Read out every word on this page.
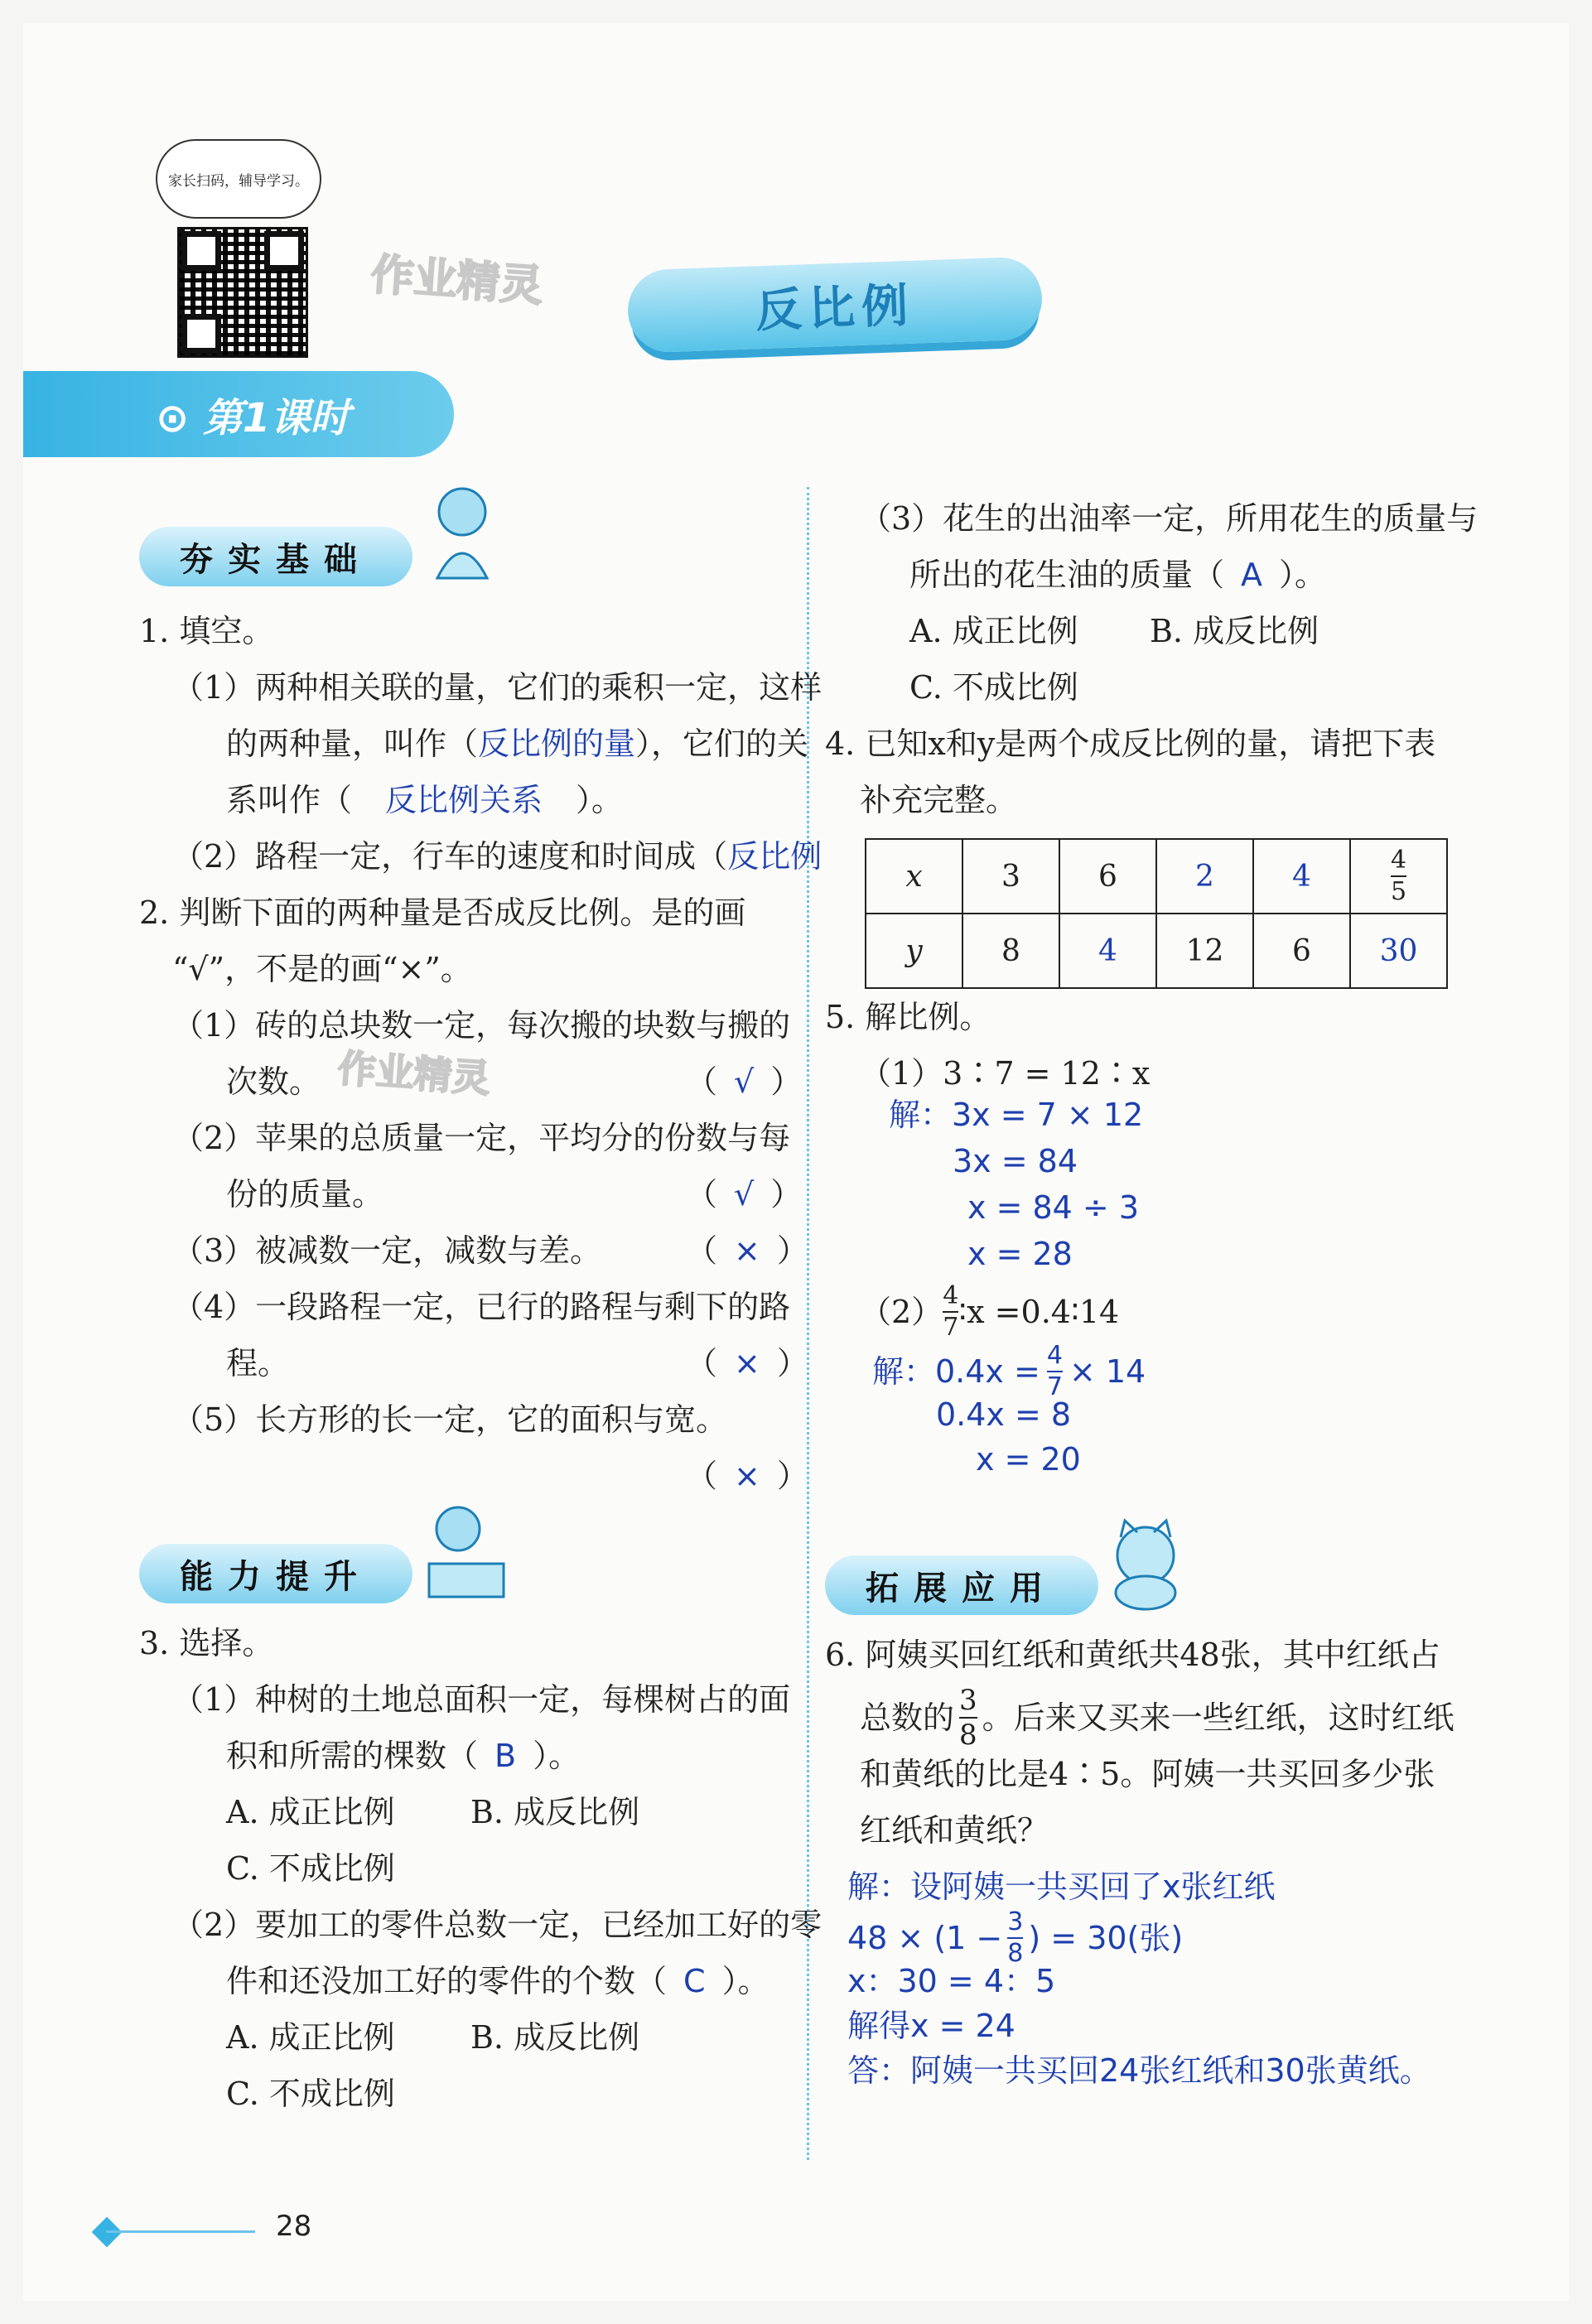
家长扫码，辅导学习。
作业精灵	反比例
⊙ 第1课时
夯实基础
1. 填空。
（1）两种相关联的量，它们的乘积一定，这样
的两种量，叫作（反比例的量），它们的关
系叫作（ 反比例关系 ）。
（2）路程一定，行车的速度和时间成（反比例
2. 判断下面的两种量是否成反比例。是的画
“√”，不是的画“×”。
（1）砖的总块数一定，每次搬的块数与搬的
次数。	（ √ ）
作业精灵
（2）苹果的总质量一定，平均分的份数与每
份的质量。	（ √ ）
（3）被减数一定，减数与差。	（ × ）
（4）一段路程一定，已行的路程与剩下的路
程。	（ × ）
（5）长方形的长一定，它的面积与宽。
（ × ）
能力提升
3. 选择。
（1）种树的土地总面积一定，每棵树占的面
积和所需的棵数（ B ）。
A. 成正比例 B. 成反比例
C. 不成比例
（2）要加工的零件总数一定，已经加工好的零
件和还没加工好的零件的个数（ C ）。
A. 成正比例 B. 成反比例
C. 不成比例
（3）花生的出油率一定，所用花生的质量与
所出的花生油的质量（ A ）。
A. 成正比例 B. 成反比例
C. 不成比例
4. 已知x和y是两个成反比例的量，请把下表
补充完整。
x	3	6	2	4	$\frac{4}{5}$

y	8	4	12	6	30
5. 解比例。
（1）3∶7 = 12∶x
解：3x = 7 × 12
3x = 84
x = 84 ÷ 3
x = 28
$(2) \frac{4}{7}$ ∶x =0.4∶14
解：$0.4x = \frac{4}{7} \times 14$
0.4x = 8
x = 20
拓展应用
6. 阿姨买回红纸和黄纸共48张，其中红纸占
总数的 $\frac{3}{8}$ 。后来又买来一些红纸，这时红纸
和黄纸的比是4∶5。阿姨一共买回多少张
红纸和黄纸？
解：设阿姨一共买回了x张红纸
$48 \times (1 - \frac{3}{8}$ ) = 30(张)
x：30 = 4：5
解得x = 24
答：阿姨一共买回24张红纸和30张黄纸。
28
